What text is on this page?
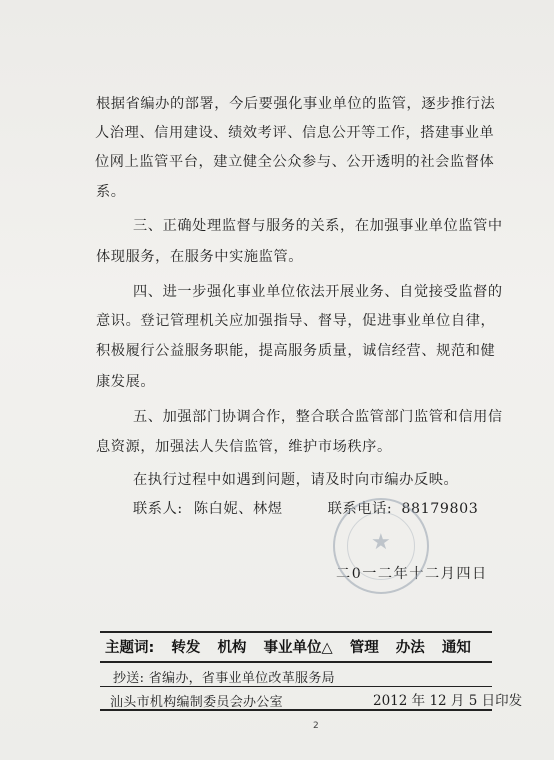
根据省编办的部署，今后要强化事业单位的监管，逐步推行法
人治理、信用建设、绩效考评、信息公开等工作，搭建事业单
位网上监管平台，建立健全公众参与、公开透明的社会监督体
系。
三、正确处理监督与服务的关系，在加强事业单位监管中
体现服务，在服务中实施监管。
四、进一步强化事业单位依法开展业务、自觉接受监督的
意识。登记管理机关应加强指导、督导，促进事业单位自律，
积极履行公益服务职能，提高服务质量，诚信经营、规范和健
康发展。
五、加强部门协调合作，整合联合监管部门监管和信用信
息资源，加强法人失信监管，维护市场秩序。
在执行过程中如遇到问题，请及时向市编办反映。
联系人: 陈白妮、林煜	联系电话: 88179803
二0一二年十二月四日
★
主题词: 转发 机构 事业单位△ 管理 办法 通知
抄送: 省编办，省事业单位改革服务局
汕头市机构编制委员会办公室	2012 年 12 月 5 日印发
2
